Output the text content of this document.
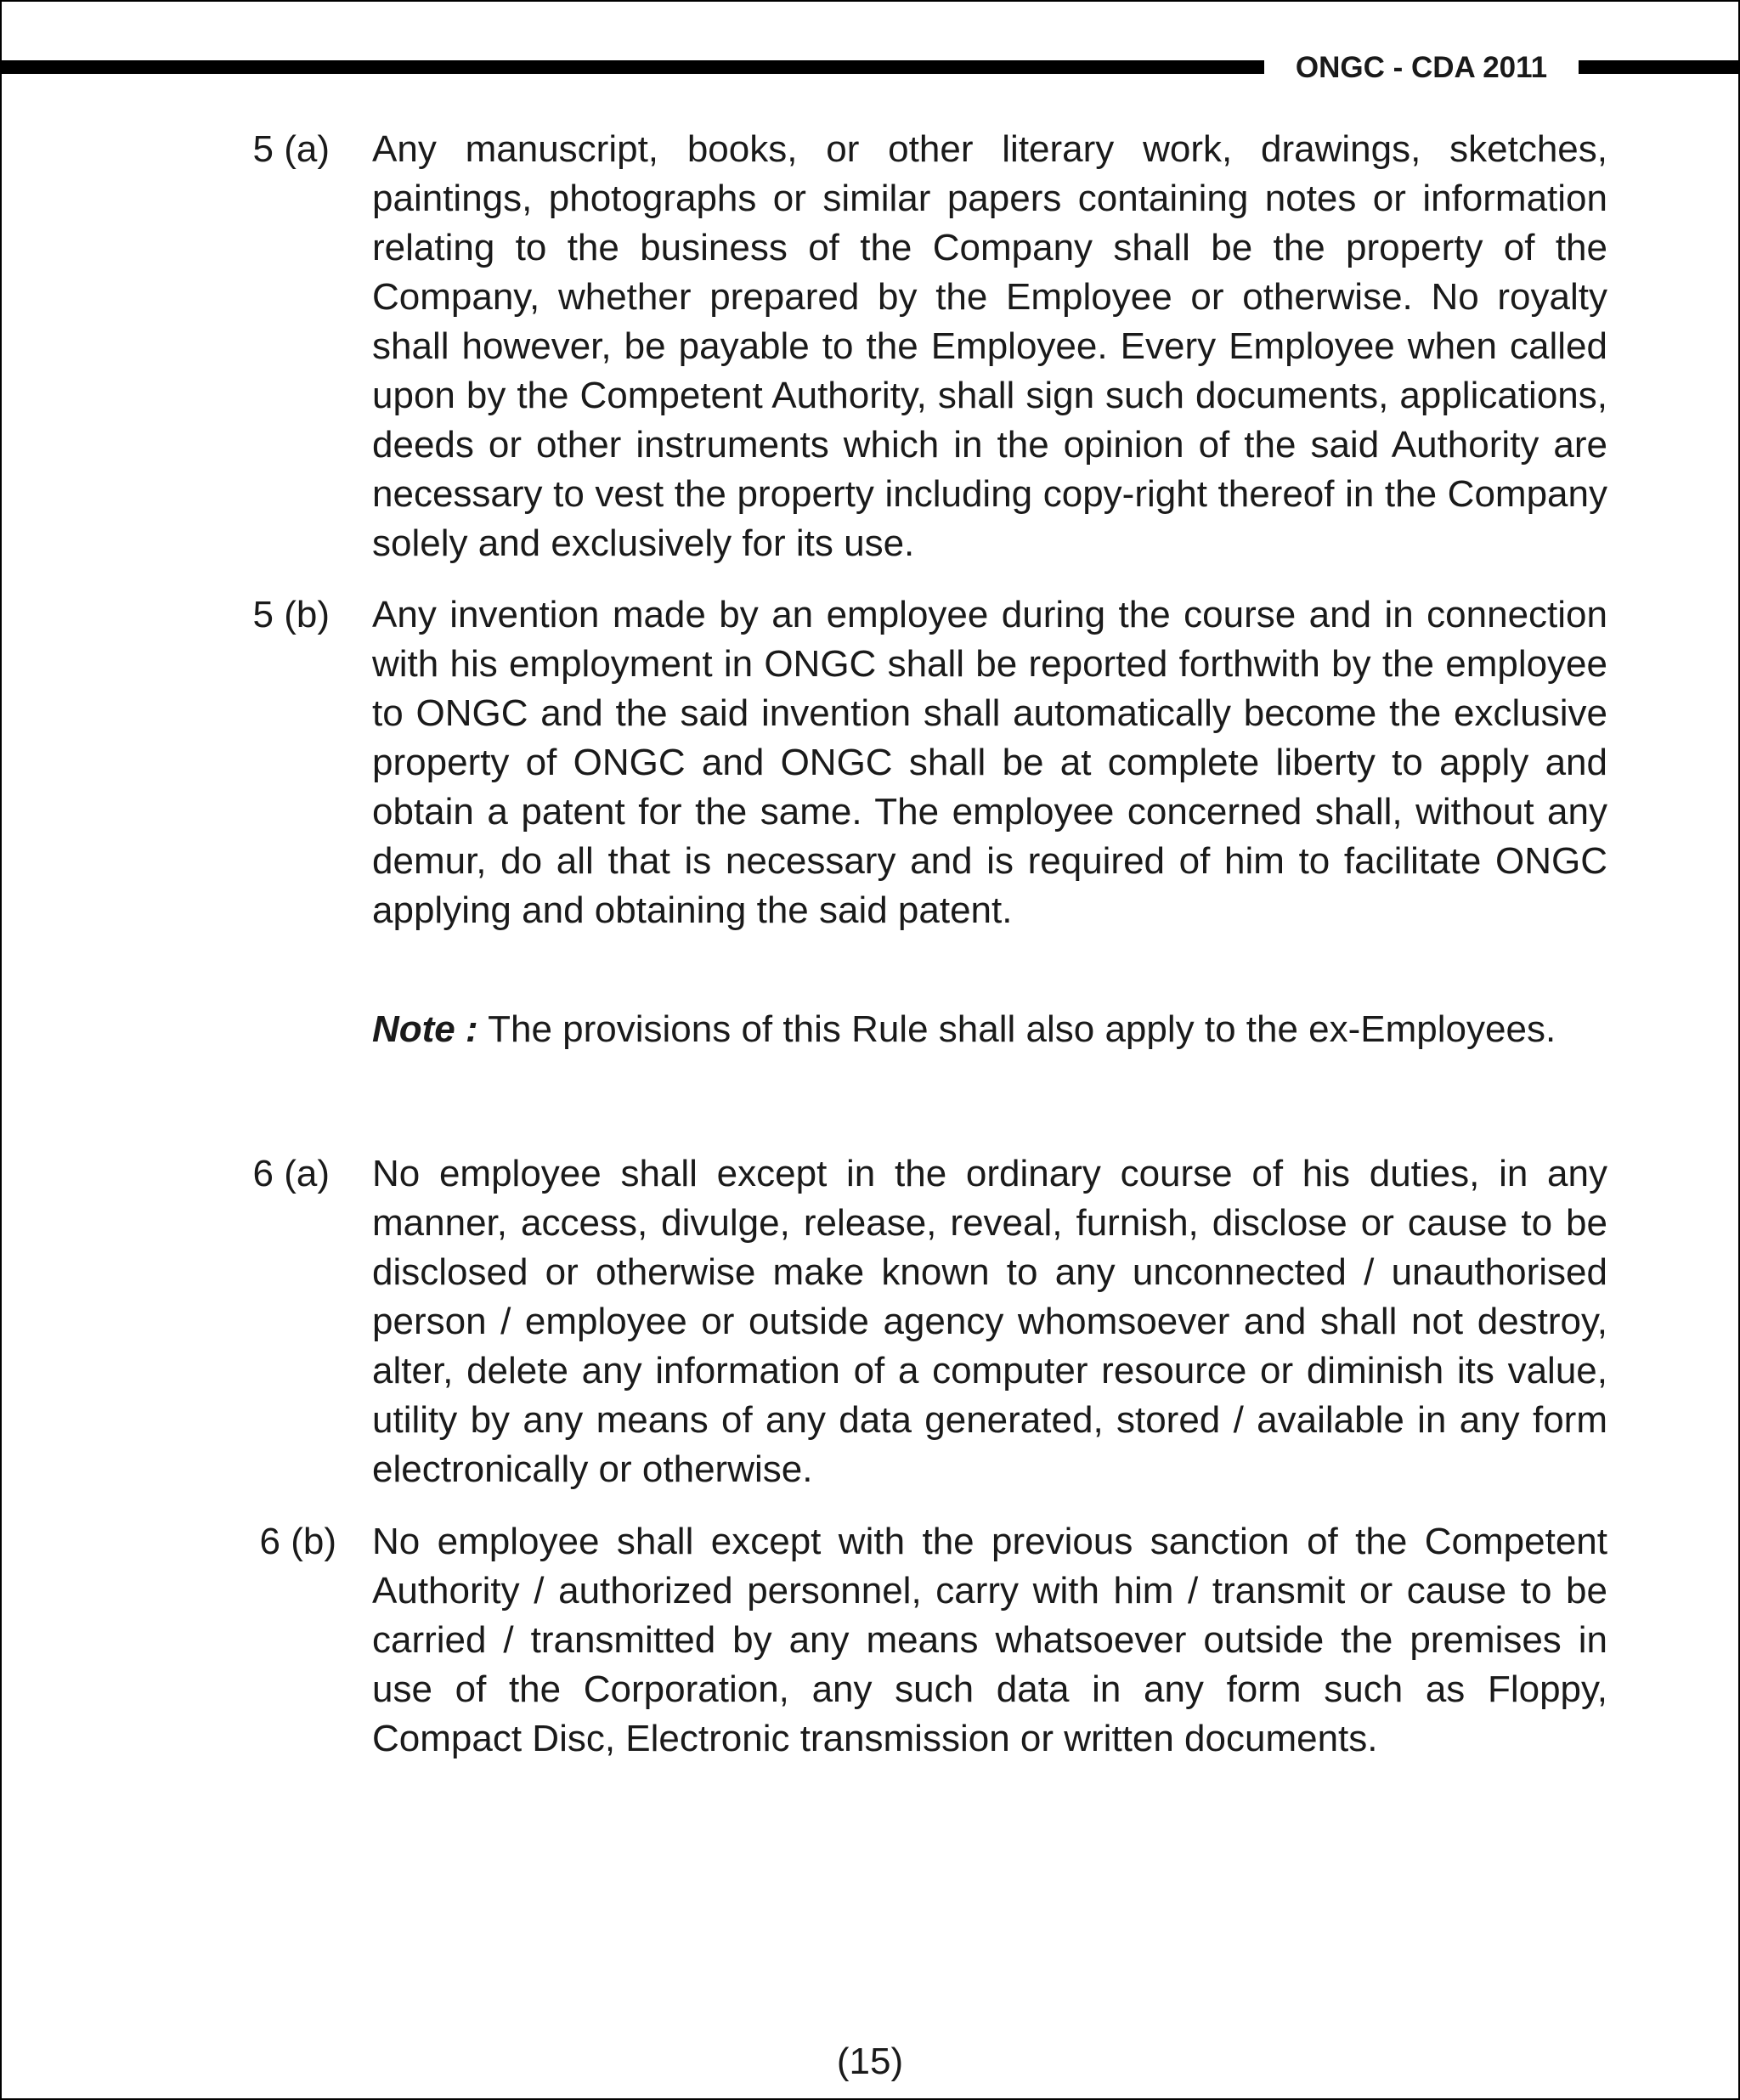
ONGC - CDA 2011
5 (a) Any manuscript, books, or other literary work, drawings, sketches, paintings, photographs or similar papers containing notes or information relating to the business of the Company shall be the property of the Company, whether prepared by the Employee or otherwise. No royalty shall however, be payable to the Employee. Every Employee when called upon by the Competent Authority, shall sign such documents, applications, deeds or other instruments which in the opinion of the said Authority are necessary to vest the property including copy-right thereof in the Company solely and exclusively for its use.
5 (b) Any invention made by an employee during the course and in connection with his employment in ONGC shall be reported forthwith by the employee to ONGC and the said invention shall automatically become the exclusive property of ONGC and ONGC shall be at complete liberty to apply and obtain a patent for the same. The employee concerned shall, without any demur, do all that is necessary and is required of him to facilitate ONGC applying and obtaining the said patent.
Note : The provisions of this Rule shall also apply to the ex-Employees.
6 (a) No employee shall except in the ordinary course of his duties, in any manner, access, divulge, release, reveal, furnish, disclose or cause to be disclosed or otherwise make known to any unconnected / unauthorised person / employee or outside agency whomsoever and shall not destroy, alter, delete any information of a computer resource or diminish its value, utility by any means of any data generated, stored / available in any form electronically or otherwise.
6 (b) No employee shall except with the previous sanction of the Competent Authority / authorized personnel, carry with him / transmit or cause to be carried / transmitted by any means whatsoever outside the premises in use of the Corporation, any such data in any form such as Floppy, Compact Disc, Electronic transmission or written documents.
(15)
